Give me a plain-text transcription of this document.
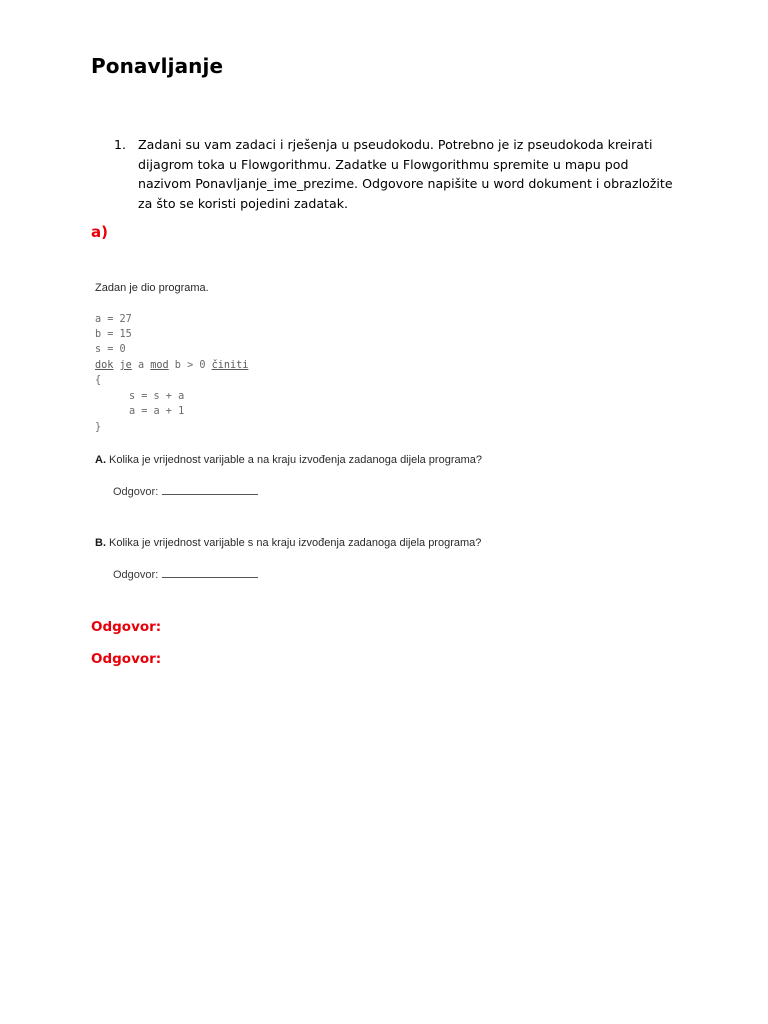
Ponavljanje
1. Zadani su vam zadaci i rješenja u pseudokodu. Potrebno je iz pseudokoda kreirati
dijagrom toka u Flowgorithmu. Zadatke u Flowgorithmu spremite u mapu pod
nazivom Ponavljanje_ime_prezime. Odgovore napišite u word dokument i obrazložite
za što se koristi pojedini zadatak.
a)
Zadan je dio programa.
a = 27
b = 15
s = 0
dok je a mod b > 0 činiti
{
s = s + a
a = a + 1
}
A. Kolika je vrijednost varijable a na kraju izvođenja zadanoga dijela programa?
Odgovor:
B. Kolika je vrijednost varijable s na kraju izvođenja zadanoga dijela programa?
Odgovor:
Odgovor:
Odgovor:
